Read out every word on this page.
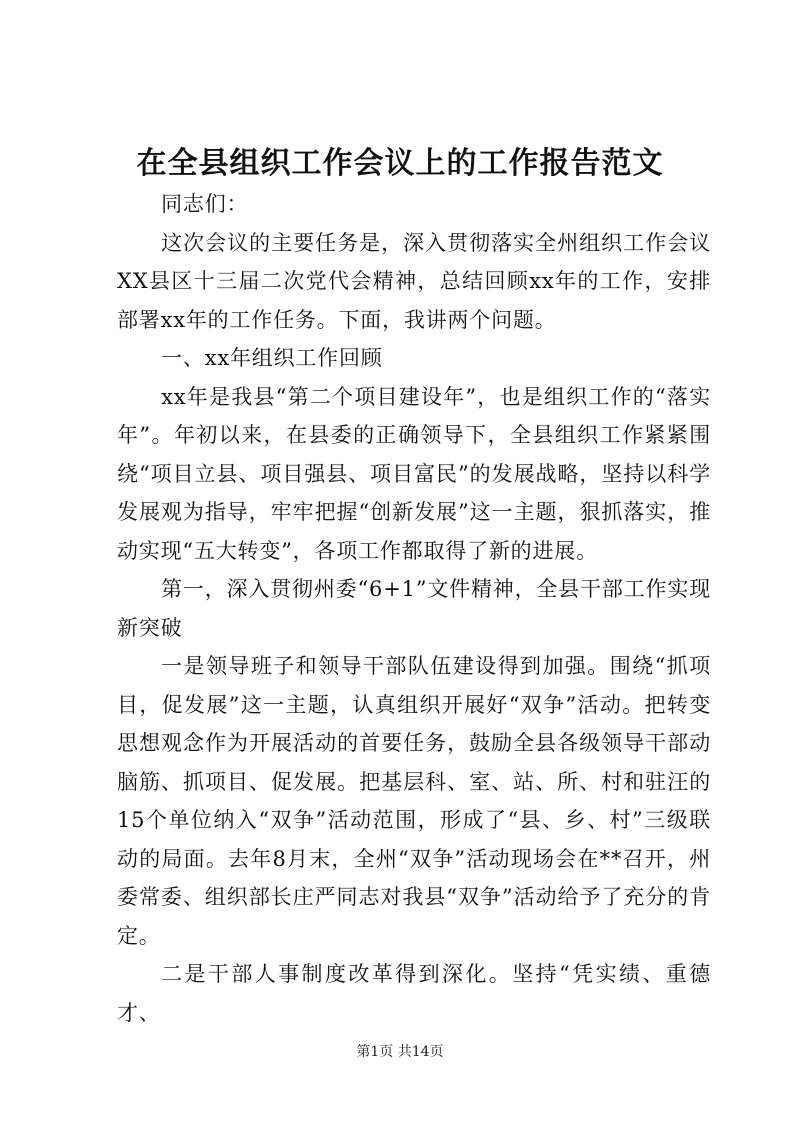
在全县组织工作会议上的工作报告范文

同志们：

这次会议的主要任务是，深入贯彻落实全州组织工作会议XX县区十三届二次党代会精神，总结回顾xx年的工作，安排部署xx年的工作任务。下面，我讲两个问题。

一、xx年组织工作回顾

xx年是我县“第二个项目建设年”，也是组织工作的“落实年”。年初以来，在县委的正确领导下，全县组织工作紧紧围绕“项目立县、项目强县、项目富民”的发展战略，坚持以科学发展观为指导，牢牢把握“创新发展”这一主题，狠抓落实，推动实现“五大转变”，各项工作都取得了新的进展。

第一，深入贯彻州委“6+1”文件精神，全县干部工作实现新突破

一是领导班子和领导干部队伍建设得到加强。围绕“抓项目，促发展”这一主题，认真组织开展好“双争”活动。把转变思想观念作为开展活动的首要任务，鼓励全县各级领导干部动脑筋、抓项目、促发展。把基层科、室、站、所、村和驻汪的15个单位纳入“双争”活动范围，形成了“县、乡、村”三级联动的局面。去年8月末，全州“双争”活动现场会在**召开，州委常委、组织部长庄严同志对我县“双争”活动给予了充分的肯定。

二是干部人事制度改革得到深化。坚持“凭实绩、重德才、

第1页 共14页
